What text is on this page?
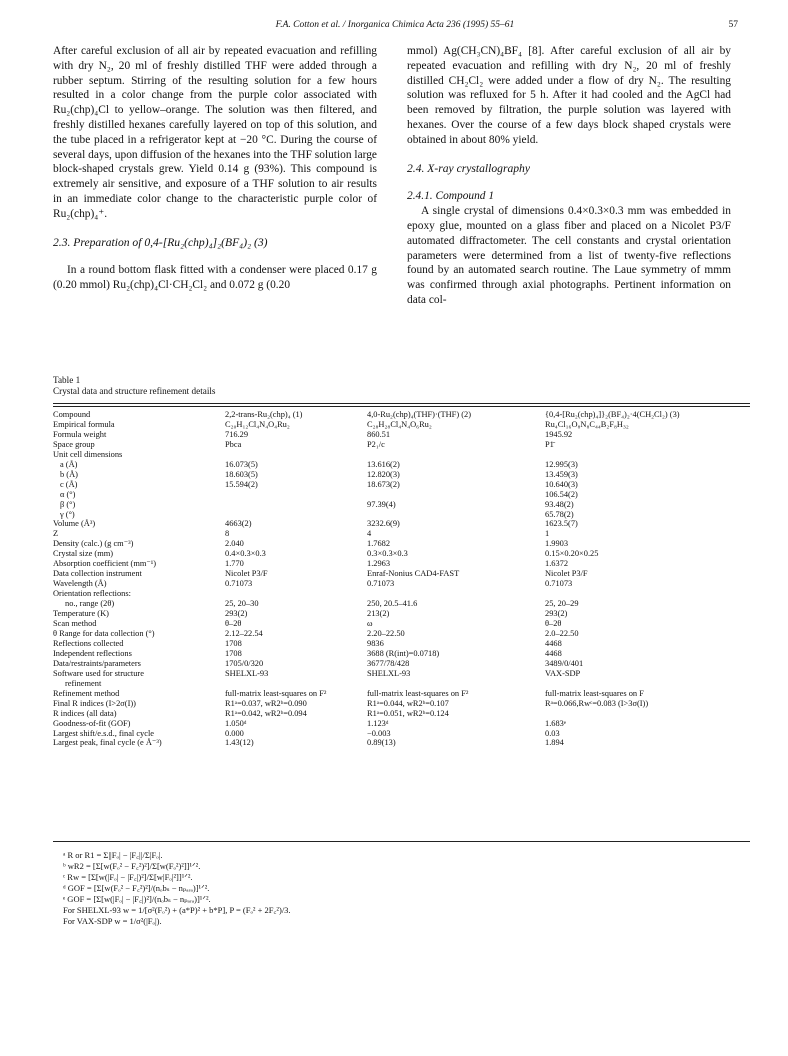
F.A. Cotton et al. / Inorganica Chimica Acta 236 (1995) 55–61	57

After careful exclusion of all air by repeated evacuation and refilling with dry N₂, 20 ml of freshly distilled THF were added through a rubber septum. Stirring of the resulting solution for a few hours resulted in a color change from the purple color associated with Ru₂(chp)₄Cl to yellow–orange. The solution was then filtered, and freshly distilled hexanes carefully layered on top of this solution, and the tube placed in a refrigerator kept at −20 °C. During the course of several days, upon diffusion of the hexanes into the THF solution large block-shaped crystals grew. Yield 0.14 g (93%). This compound is extremely air sensitive, and exposure of a THF solution to air results in an immediate color change to the characteristic purple color of Ru₂(chp)₄⁺.

2.3. Preparation of 0,4-[Ru₂(chp)₄]₂(BF₄)₂ (3)

In a round bottom flask fitted with a condenser were placed 0.17 g (0.20 mmol) Ru₂(chp)₄Cl·CH₂Cl₂ and 0.072 g (0.20

mmol) Ag(CH₃CN)₄BF₄ [8]. After careful exclusion of all air by repeated evacuation and refilling with dry N₂, 20 ml of freshly distilled CH₂Cl₂ were added under a flow of dry N₂. The resulting solution was refluxed for 5 h. After it had cooled and the AgCl had been removed by filtration, the purple solution was layered with hexanes. Over the course of a few days block shaped crystals were obtained in about 80% yield.

2.4. X-ray crystallography
2.4.1. Compound 1

A single crystal of dimensions 0.4×0.3×0.3 mm was embedded in epoxy glue, mounted on a glass fiber and placed on a Nicolet P3/F automated diffractometer. The cell constants and crystal orientation parameters were determined from a list of twenty-five reflections found by an automated search routine. The Laue symmetry of mmm was confirmed through axial photographs. Pertinent information on data col-

Table 1
Crystal data and structure refinement details
Compound	2,2-trans-Ru₂(chp)₄ (1)	4,0-Ru₂(chp)₄(THF)·(THF) (2)	{0,4-[Ru₂(chp)₄]}₂(BF₄)₂·4(CH₂Cl₂) (3)
Empirical formula	C₂₀H₁₂Cl₄N₄O₄Ru₂	C₂₈H₂₈Cl₄N₄O₆Ru₂	Ru₄Cl₁₆O₈N₈C₄₄B₂F₈H₃₂
Formula weight	716.29	860.51	1945.92
Space group	Pbca	P2₁/c	P1̄
Unit cell dimensions			
a (Å)	16.073(5)	13.616(2)	12.995(3)
b (Å)	18.603(5)	12.820(3)	13.459(3)
c (Å)	15.594(2)	18.673(2)	10.640(3)
α (°)			106.54(2)
β (°)		97.39(4)	93.48(2)
γ (°)			65.78(2)
Volume (Å³)	4663(2)	3232.6(9)	1623.5(7)
Z	8	4	1
Density (calc.) (g cm⁻³)	2.040	1.7682	1.9903
Crystal size (mm)	0.4×0.3×0.3	0.3×0.3×0.3	0.15×0.20×0.25
Absorption coefficient (mm⁻¹)	1.770	1.2963	1.6372
Data collection instrument	Nicolet P3/F	Enraf-Nonius CAD4-FAST	Nicolet P3/F
Wavelength (Å)	0.71073	0.71073	0.71073
Orientation reflections:			
no., range (2θ)	25, 20–30	250, 20.5–41.6	25, 20–29
Temperature (K)	293(2)	213(2)	293(2)
Scan method	θ–2θ	ω	θ–2θ
θ Range for data collection (°)	2.12–22.54	2.20–22.50	2.0–22.50
Reflections collected	1708	9836	4468
Independent reflections	1708	3688 (R(int)=0.0718)	4468
Data/restraints/parameters	1705/0/320	3677/78/428	3489/0/401
Software used for structure	SHELXL-93	SHELXL-93	VAX-SDP
refinement			
Refinement method	full-matrix least-squares on F²	full-matrix least-squares on F²	full-matrix least-squares on F
Final R indices (I>2σ(I))	R1ᵃ=0.037, wR2ᵇ=0.090	R1ᵃ=0.044, wR2ᵇ=0.107	Rᵃ=0.066,Rwᶜ=0.083 (I>3σ(I))
R indices (all data)	R1ᵃ=0.042, wR2ᵇ=0.094	R1ᵃ=0.051, wR2ᵇ=0.124	
Goodness-of-fit (GOF)	1.050ᵈ	1.123ᵈ	1.683ᵉ
Largest shift/e.s.d., final cycle	0.000	−0.003	0.03
Largest peak, final cycle (e Å⁻³)	1.43(12)	0.89(13)	1.894
ᵃ R or R1 = Σ||Fₒ| − |F꜀||/Σ|Fₒ|.
ᵇ wR2 = [Σ[w(Fₒ² − F꜀²)²]/Σ[w(Fₒ²)²]]¹ᐟ².
ᶜ Rw = [Σ[w(|Fₒ| − |F꜀|)²]/Σ[w|Fₒ|²]]¹ᐟ².
ᵈ GOF = [Σ[w(Fₒ² − F꜀²)²]/(nₒbₛ − nₚₐᵣₐ)]¹ᐟ².
ᵉ GOF = [Σ[w(|Fₒ| − |F꜀|)²]/(nₒbₛ − nₚₐᵣₐ)]¹ᐟ².
For SHELXL-93 w = 1/[σ²(Fₒ²) + (a*P)² + b*P], P = (Fₒ² + 2F꜀²)/3.
For VAX-SDP w = 1/σ²(|Fₒ|).
